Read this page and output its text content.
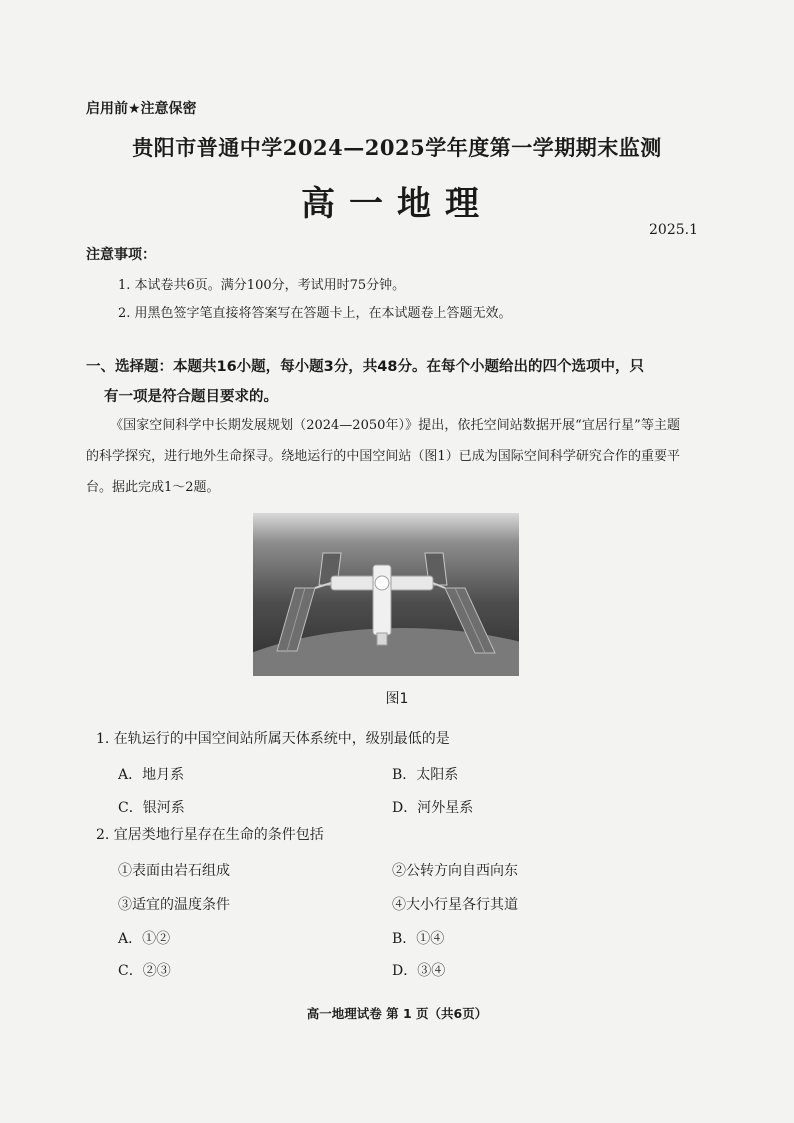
启用前★注意保密
贵阳市普通中学2024—2025学年度第一学期期末监测
高一地理
2025.1
注意事项：
1. 本试卷共6页。满分100分，考试用时75分钟。
2. 用黑色签字笔直接将答案写在答题卡上，在本试题卷上答题无效。
一、选择题：本题共16小题，每小题3分，共48分。在每个小题给出的四个选项中，只
有一项是符合题目要求的。
《国家空间科学中长期发展规划（2024—2050年）》提出，依托空间站数据开展“宜居行星”等主题的科学探究，进行地外生命探寻。绕地运行的中国空间站（图1）已成为国际空间科学研究合作的重要平台。据此完成1～2题。
图1
1. 在轨运行的中国空间站所属天体系统中，级别最低的是
A．地月系	B．太阳系
C．银河系	D．河外星系
2. 宜居类地行星存在生命的条件包括
①表面由岩石组成	②公转方向自西向东
③适宜的温度条件	④大小行星各行其道
A．①②	B．①④
C．②③	D．③④
高一地理试卷 第 1 页（共6页）
